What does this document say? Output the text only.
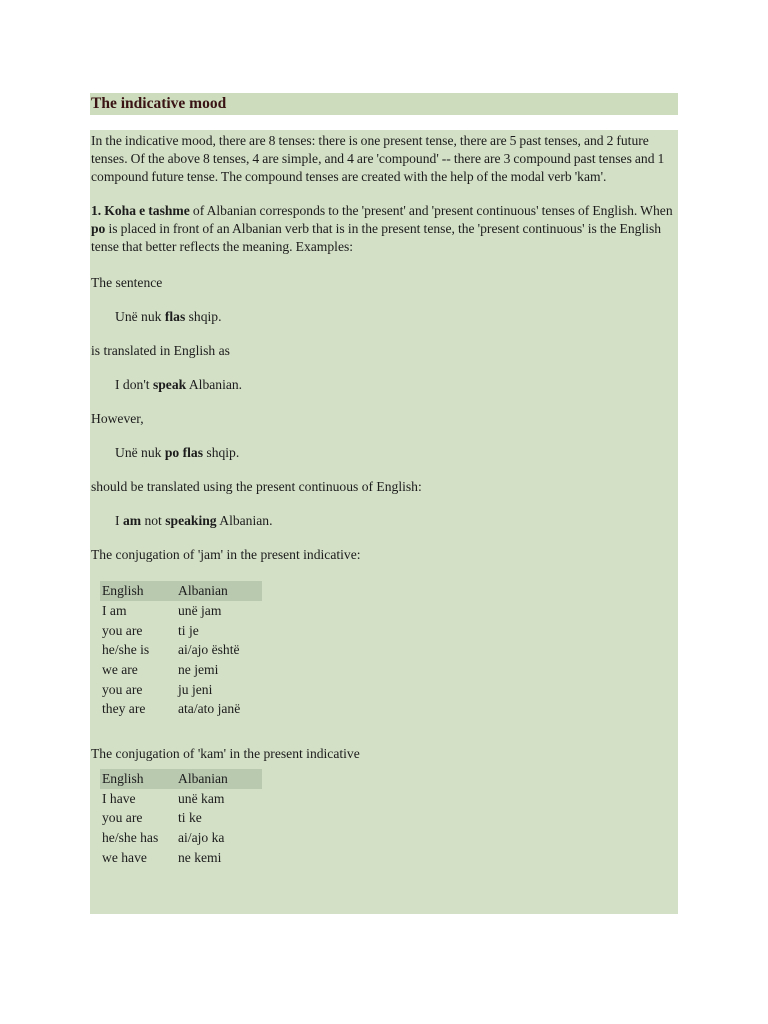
The indicative mood

In the indicative mood, there are 8 tenses: there is one present tense, there are 5 past tenses, and 2 future tenses. Of the above 8 tenses, 4 are simple, and 4 are 'compound' -- there are 3 compound past tenses and 1 compound future tense. The compound tenses are created with the help of the modal verb 'kam'.

1. Koha e tashme of Albanian corresponds to the 'present' and 'present continuous' tenses of English. When po is placed in front of an Albanian verb that is in the present tense, the 'present continuous' is the English tense that better reflects the meaning. Examples:

The sentence

Unë nuk flas shqip.

is translated in English as

I don't speak Albanian.

However,

Unë nuk po flas shqip.

should be translated using the present continuous of English:

I am not speaking Albanian.

The conjugation of 'jam' in the present indicative:

English	Albanian
I am	unë jam
you are	ti je
he/she is	ai/ajo është
we are	ne jemi
you are	ju jeni
they are	ata/ato janë

The conjugation of 'kam' in the present indicative

English	Albanian
I have	unë kam
you are	ti ke
he/she has	ai/ajo ka
we have	ne kemi
